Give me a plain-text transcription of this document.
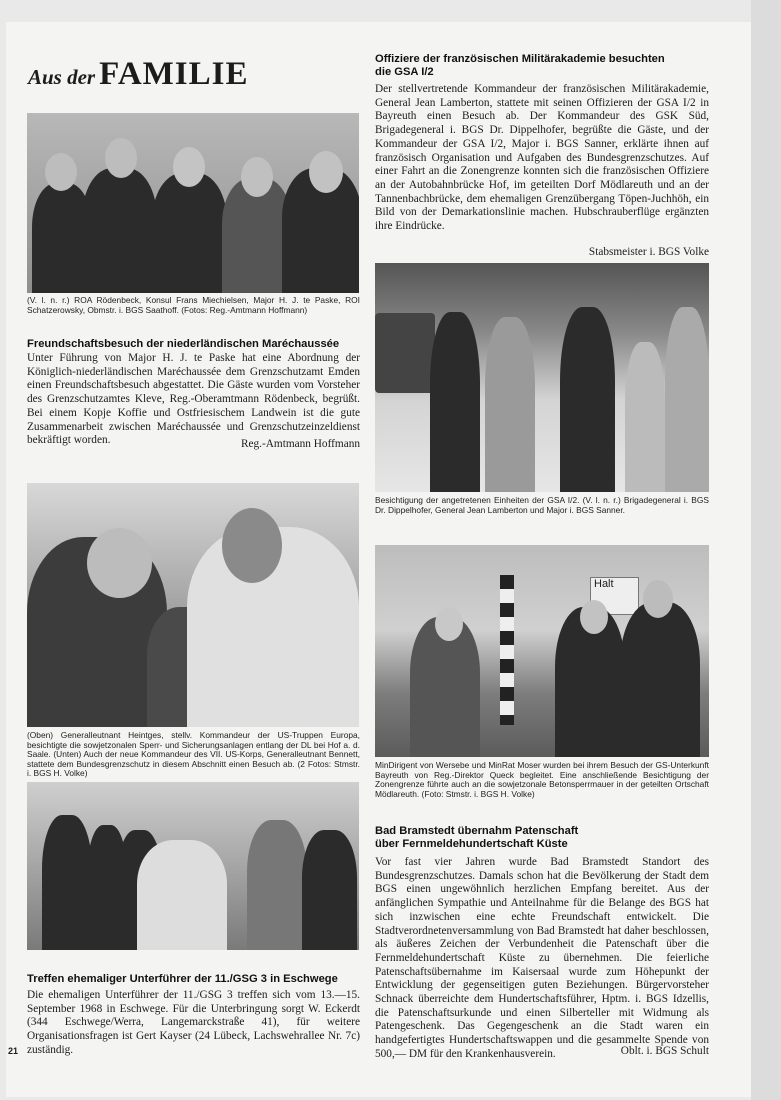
Aus der FAMILIE
(V. l. n. r.) ROA Rödenbeck, Konsul Frans Miechielsen, Major H. J. te Paske, ROI Schatzerowsky, Obmstr. i. BGS Saathoff. (Fotos: Reg.-Amtmann Hoffmann)
Freundschaftsbesuch der niederländischen Maréchaussée
Unter Führung von Major H. J. te Paske hat eine Abordnung der Königlich-niederländischen Maréchaussée dem Grenzschutzamt Emden einen Freundschaftsbesuch abgestattet. Die Gäste wurden vom Vorsteher des Grenzschutzamtes Kleve, Reg.-Oberamtmann Rödenbeck, begrüßt. Bei einem Kopje Koffie und Ostfriesischem Landwein ist die gute Zusammenarbeit zwischen Maréchaussée und Grenzschutzeinzeldienst bekräftigt worden.	Reg.-Amtmann Hoffmann
(Oben) Generalleutnant Heintges, stellv. Kommandeur der US-Truppen Europa, besichtigte die sowjetzonalen Sperr- und Sicherungsanlagen entlang der DL bei Hof a. d. Saale. (Unten) Auch der neue Kommandeur des VII. US-Korps, Generalleutnant Bennett, stattete dem Bundesgrenzschutz in diesem Abschnitt einen Besuch ab. (2 Fotos: Stmstr. i. BGS H. Volke)
Treffen ehemaliger Unterführer der 11./GSG 3 in Eschwege
Die ehemaligen Unterführer der 11./GSG 3 treffen sich vom 13.—15. September 1968 in Eschwege. Für die Unterbringung sorgt W. Eckerdt (344 Eschwege/Werra, Langemarckstraße 41), für weitere Organisationsfragen ist Gert Kayser (24 Lübeck, Lachswehrallee Nr. 7c) zuständig.
21
Offiziere der französischen Militärakademie besuchten die GSA I/2
Der stellvertretende Kommandeur der französischen Militärakademie, General Jean Lamberton, stattete mit seinen Offizieren der GSA I/2 in Bayreuth einen Besuch ab. Der Kommandeur des GSK Süd, Brigadegeneral i. BGS Dr. Dippelhofer, begrüßte die Gäste, und der Kommandeur der GSA I/2, Major i. BGS Sanner, erklärte ihnen auf französisch Organisation und Aufgaben des Bundesgrenzschutzes. Auf einer Fahrt an die Zonengrenze konnten sich die französischen Offiziere an der Autobahnbrücke Hof, im geteilten Dorf Mödlareuth und an der Tannenbachbrücke, dem ehemaligen Grenzübergang Töpen-Juchhöh, ein Bild von der Demarkationslinie machen. Hubschrauberflüge ergänzten ihre Eindrücke.
Stabsmeister i. BGS Volke
Besichtigung der angetretenen Einheiten der GSA I/2. (V. l. n. r.) Brigadegeneral i. BGS Dr. Dippelhofer, General Jean Lamberton und Major i. BGS Sanner.
Halt
MinDirigent von Wersebe und MinRat Moser wurden bei ihrem Besuch der GS-Unterkunft Bayreuth von Reg.-Direktor Queck begleitet. Eine anschließende Besichtigung der Zonengrenze führte auch an die sowjetzonale Betonsperrmauer in der geteilten Ortschaft Mödlareuth. (Foto: Stmstr. i. BGS H. Volke)
Bad Bramstedt übernahm Patenschaft über Fernmeldehundertschaft Küste
Vor fast vier Jahren wurde Bad Bramstedt Standort des Bundesgrenzschutzes. Damals schon hat die Bevölkerung der Stadt dem BGS einen ungewöhnlich herzlichen Empfang bereitet. Aus der anfänglichen Sympathie und Anteilnahme für die Belange des BGS hat sich inzwischen eine echte Freundschaft entwickelt. Die Stadtverordnetenversammlung von Bad Bramstedt hat daher beschlossen, als äußeres Zeichen der Verbundenheit die Patenschaft über die Fernmeldehundertschaft Küste zu übernehmen. Die feierliche Patenschaftsübernahme im Kaisersaal wurde zum Höhepunkt der Entwicklung der gegenseitigen guten Beziehungen. Bürgervorsteher Schnack überreichte dem Hundertschaftsführer, Hptm. i. BGS Idzellis, die Patenschaftsurkunde und einen Silberteller mit Widmung als Patengeschenk. Das Gegengeschenk an die Stadt waren ein handgefertigtes Hundertschaftswappen und die gesammelte Spende von 500,— DM für den Krankenhausverein.	Oblt. i. BGS Schult
